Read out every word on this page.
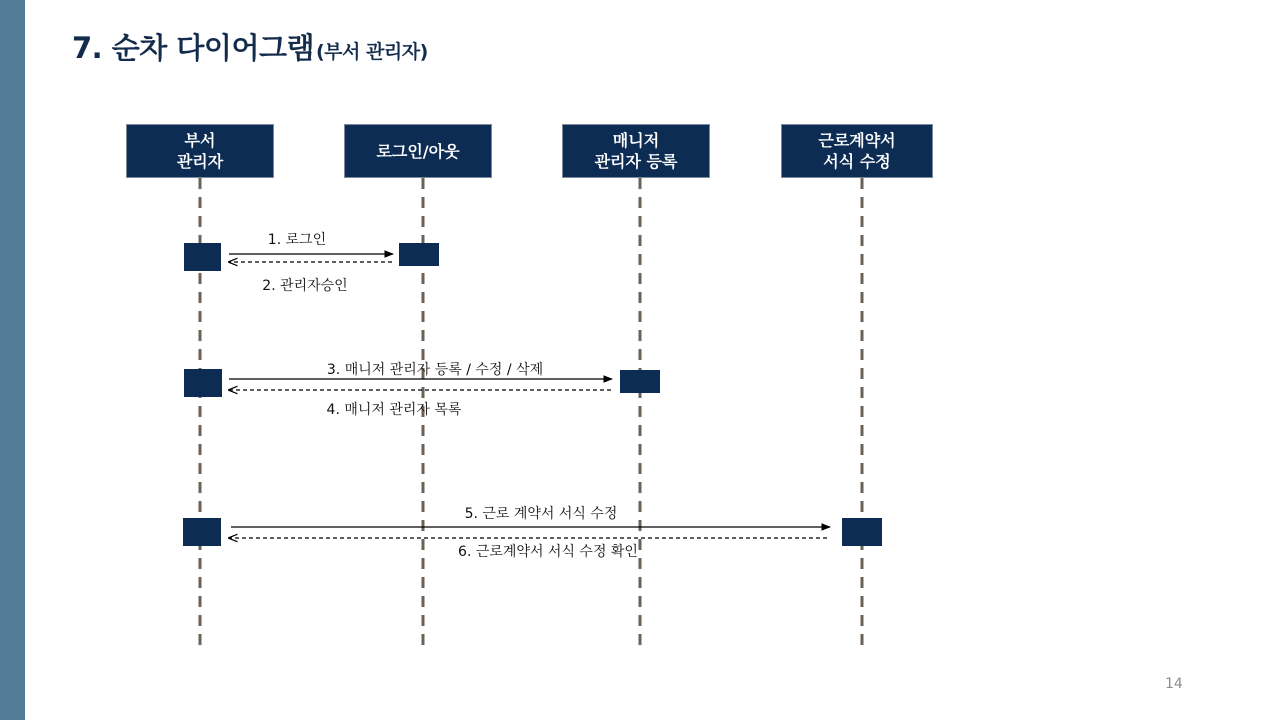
7. 순차 다이어그램 (부서 관리자)
부서
관리자
로그인/아웃
매니저
관리자 등록
근로계약서
서식 수정
1. 로그인
2. 관리자승인
3. 매니저 관리자 등록 / 수정 / 삭제
4. 매니저 관리자 목록
5. 근로 계약서 서식 수정
6. 근로계약서 서식 수정 확인
14
